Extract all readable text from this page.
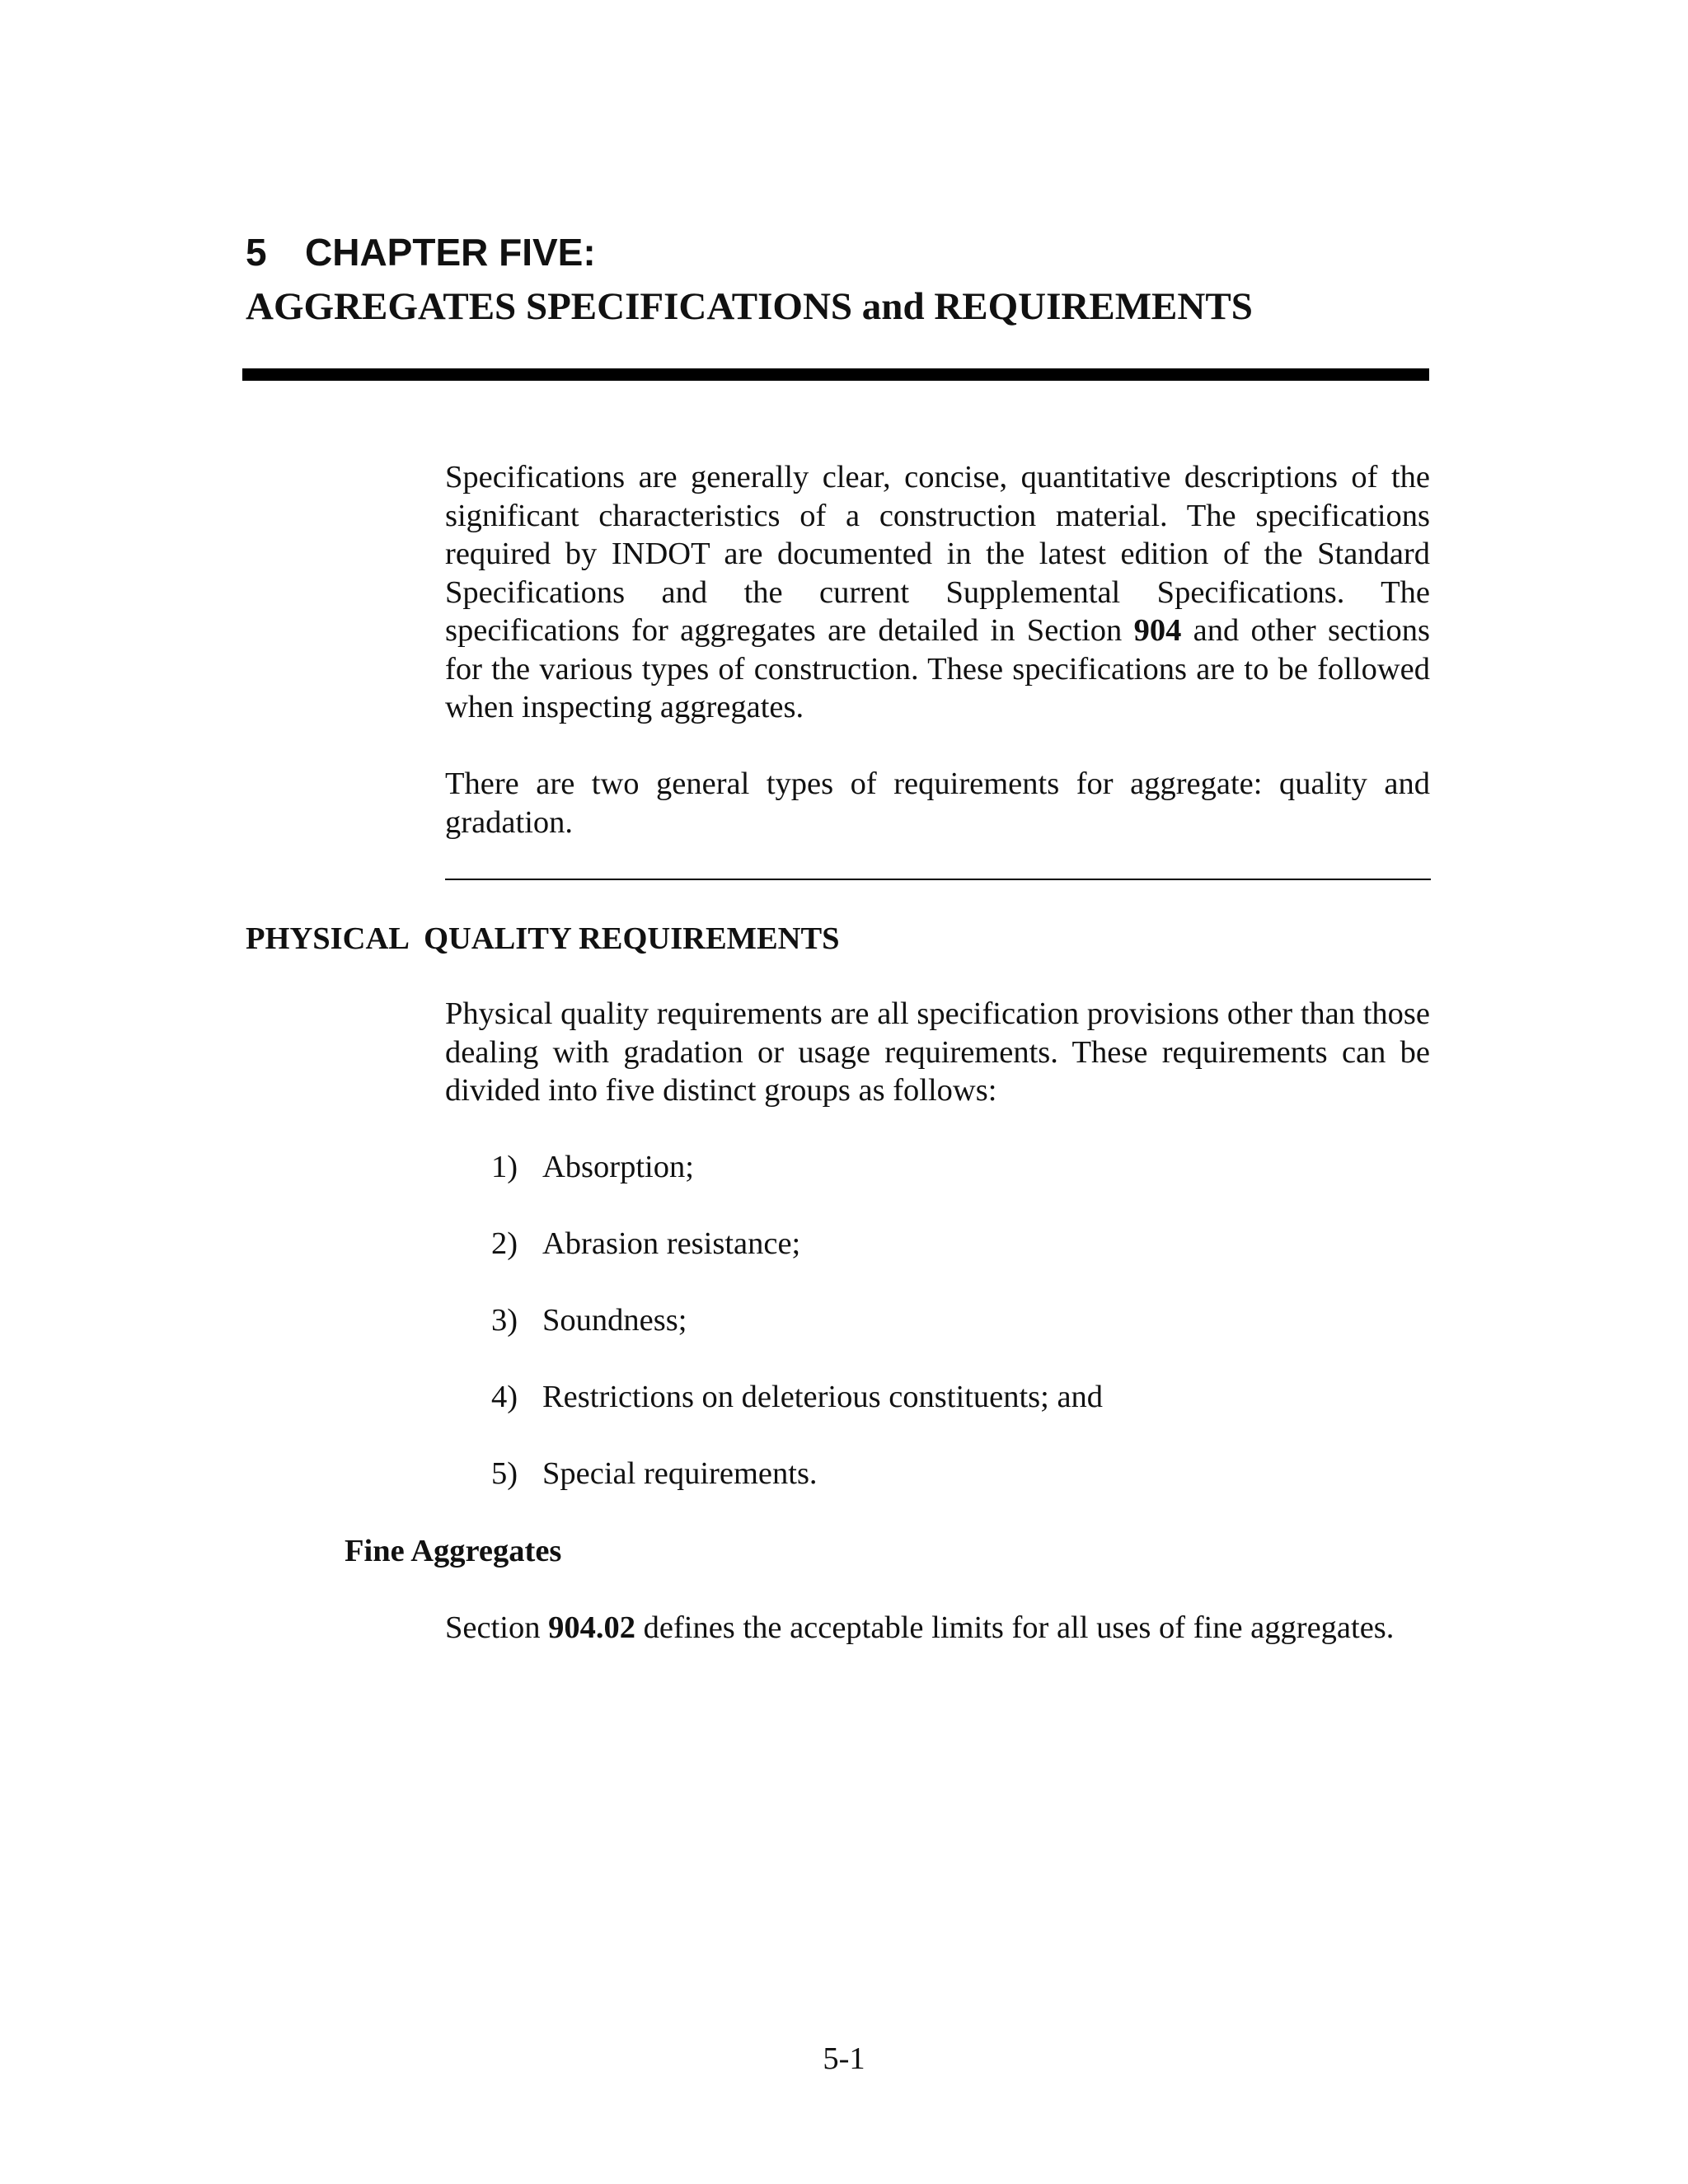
5 CHAPTER FIVE:
AGGREGATES SPECIFICATIONS and REQUIREMENTS

Specifications are generally clear, concise, quantitative descriptions of the significant characteristics of a construction material. The specifications required by INDOT are documented in the latest edition of the Standard Specifications and the current Supplemental Specifications. The specifications for aggregates are detailed in Section 904 and other sections for the various types of construction. These specifications are to be followed when inspecting aggregates.

There are two general types of requirements for aggregate: quality and gradation.

PHYSICAL  QUALITY REQUIREMENTS

Physical quality requirements are all specification provisions other than those dealing with gradation or usage requirements. These requirements can be divided into five distinct groups as follows:

1) Absorption;
2) Abrasion resistance;
3) Soundness;
4) Restrictions on deleterious constituents; and
5) Special requirements.
Fine Aggregates

Section 904.02 defines the acceptable limits for all uses of fine aggregates.

5-1
